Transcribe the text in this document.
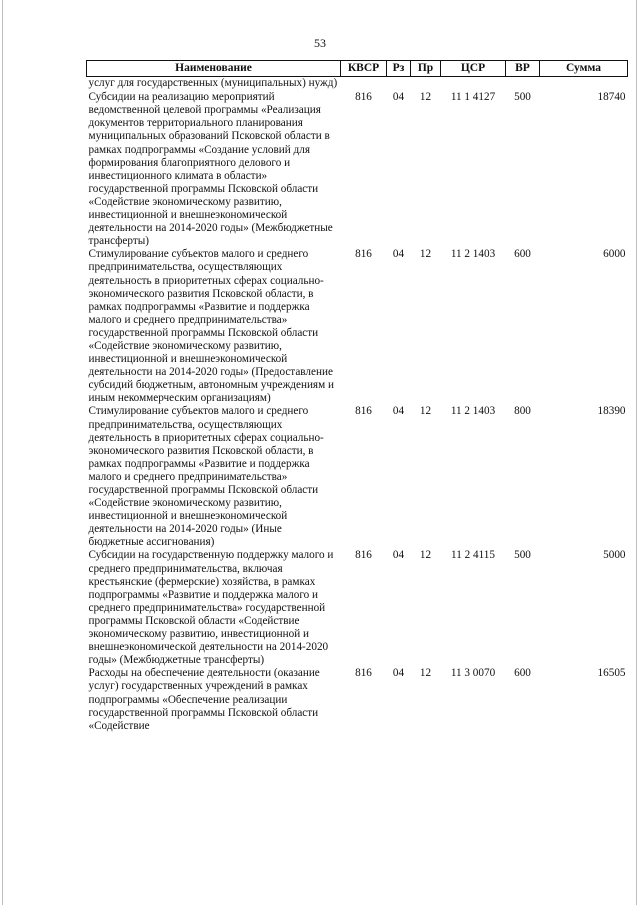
53
Наименование	КВСР	Рз	Пр	ЦСР	ВР	Сумма
услуг для государственных (муниципальных) нужд)						
Субсидии на реализацию мероприятий ведомственной целевой программы «Реализация документов территориального планирования муниципальных образований Псковской области в рамках подпрограммы «Создание условий для формирования благоприятного делового и инвестиционного климата в области» государственной программы Псковской области «Содействие экономическому развитию, инвестиционной и внешнеэкономической деятельности на 2014-2020 годы» (Межбюджетные трансферты)	816	04	12	11 1 4127	500	18740
Стимулирование субъектов малого и среднего предпринимательства, осуществляющих деятельность в приоритетных сферах социально-экономического развития Псковской области, в рамках подпрограммы «Развитие и поддержка малого и среднего предпринимательства» государственной программы Псковской области «Содействие экономическому развитию, инвестиционной и внешнеэкономической деятельности на 2014-2020 годы» (Предоставление субсидий бюджетным, автономным учреждениям и иным некоммерческим организациям)	816	04	12	11 2 1403	600	6000
Стимулирование субъектов малого и среднего предпринимательства, осуществляющих деятельность в приоритетных сферах социально-экономического развития Псковской области, в рамках подпрограммы «Развитие и поддержка малого и среднего предпринимательства» государственной программы Псковской области «Содействие экономическому развитию, инвестиционной и внешнеэкономической деятельности на 2014-2020 годы» (Иные бюджетные ассигнования)	816	04	12	11 2 1403	800	18390
Субсидии на государственную поддержку малого и среднего предпринимательства, включая крестьянские (фермерские) хозяйства, в рамках подпрограммы «Развитие и поддержка малого и среднего предпринимательства» государственной программы Псковской области «Содействие экономическому развитию, инвестиционной и внешнеэкономической деятельности на 2014-2020 годы» (Межбюджетные трансферты)	816	04	12	11 2 4115	500	5000
Расходы на обеспечение деятельности (оказание услуг) государственных учреждений в рамках подпрограммы «Обеспечение реализации государственной программы Псковской области «Содействие	816	04	12	11 3 0070	600	16505
